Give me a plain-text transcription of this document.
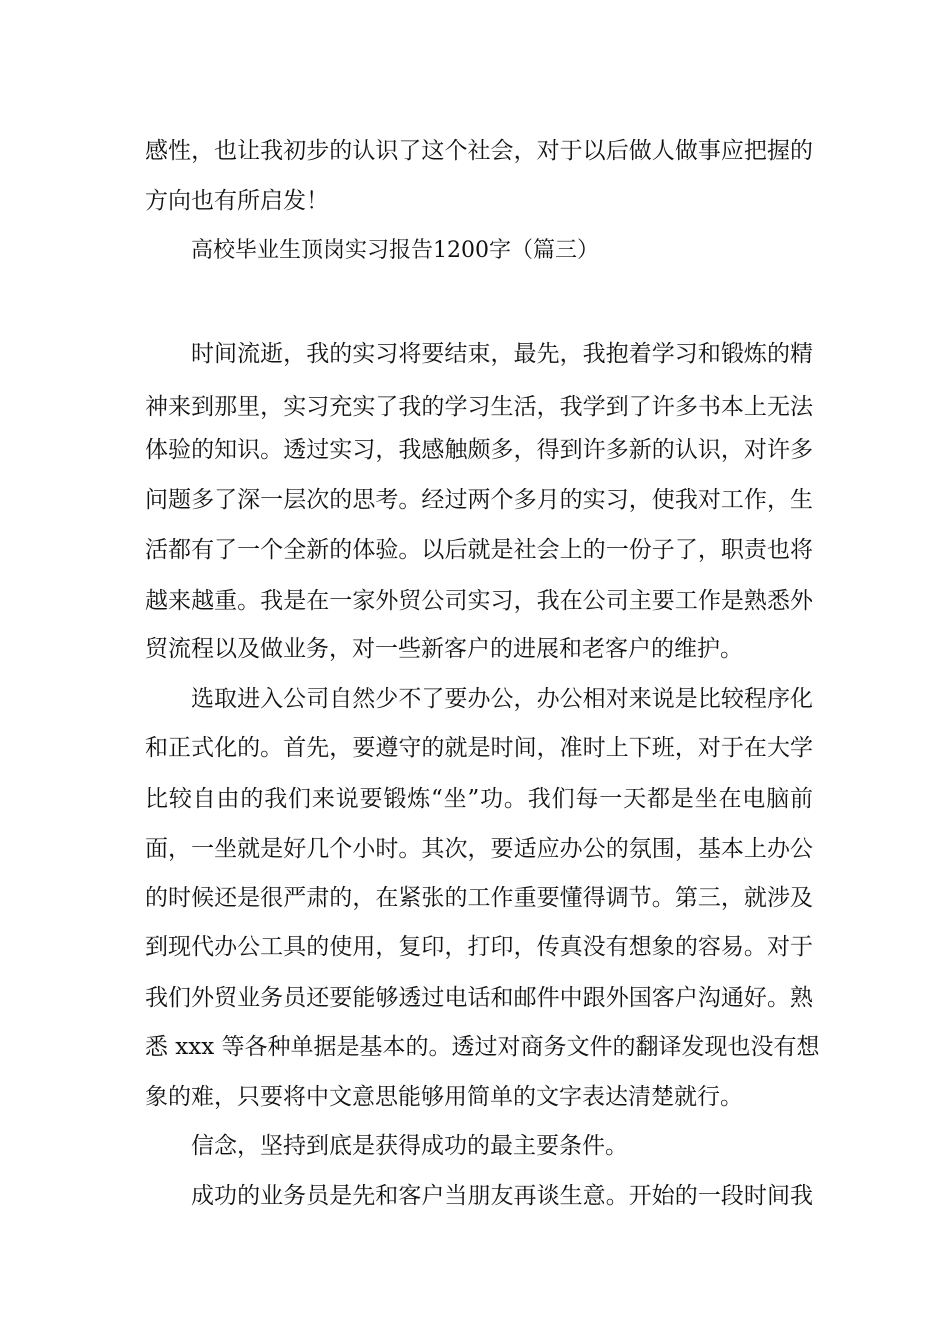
感性，也让我初步的认识了这个社会，对于以后做人做事应把握的
方向也有所启发！
高校毕业生顶岗实习报告1200字（篇三）
时间流逝，我的实习将要结束，最先，我抱着学习和锻炼的精
神来到那里，实习充实了我的学习生活，我学到了许多书本上无法
体验的知识。透过实习，我感触颇多，得到许多新的认识，对许多
问题多了深一层次的思考。经过两个多月的实习，使我对工作，生
活都有了一个全新的体验。以后就是社会上的一份子了，职责也将
越来越重。我是在一家外贸公司实习，我在公司主要工作是熟悉外
贸流程以及做业务，对一些新客户的进展和老客户的维护。
选取进入公司自然少不了要办公，办公相对来说是比较程序化
和正式化的。首先，要遵守的就是时间，准时上下班，对于在大学
比较自由的我们来说要锻炼“坐”功。我们每一天都是坐在电脑前
面，一坐就是好几个小时。其次，要适应办公的氛围，基本上办公
的时候还是很严肃的，在紧张的工作重要懂得调节。第三，就涉及
到现代办公工具的使用，复印，打印，传真没有想象的容易。对于
我们外贸业务员还要能够透过电话和邮件中跟外国客户沟通好。熟
悉 xxx 等各种单据是基本的。透过对商务文件的翻译发现也没有想
象的难，只要将中文意思能够用简单的文字表达清楚就行。
信念，坚持到底是获得成功的最主要条件。
成功的业务员是先和客户当朋友再谈生意。开始的一段时间我
